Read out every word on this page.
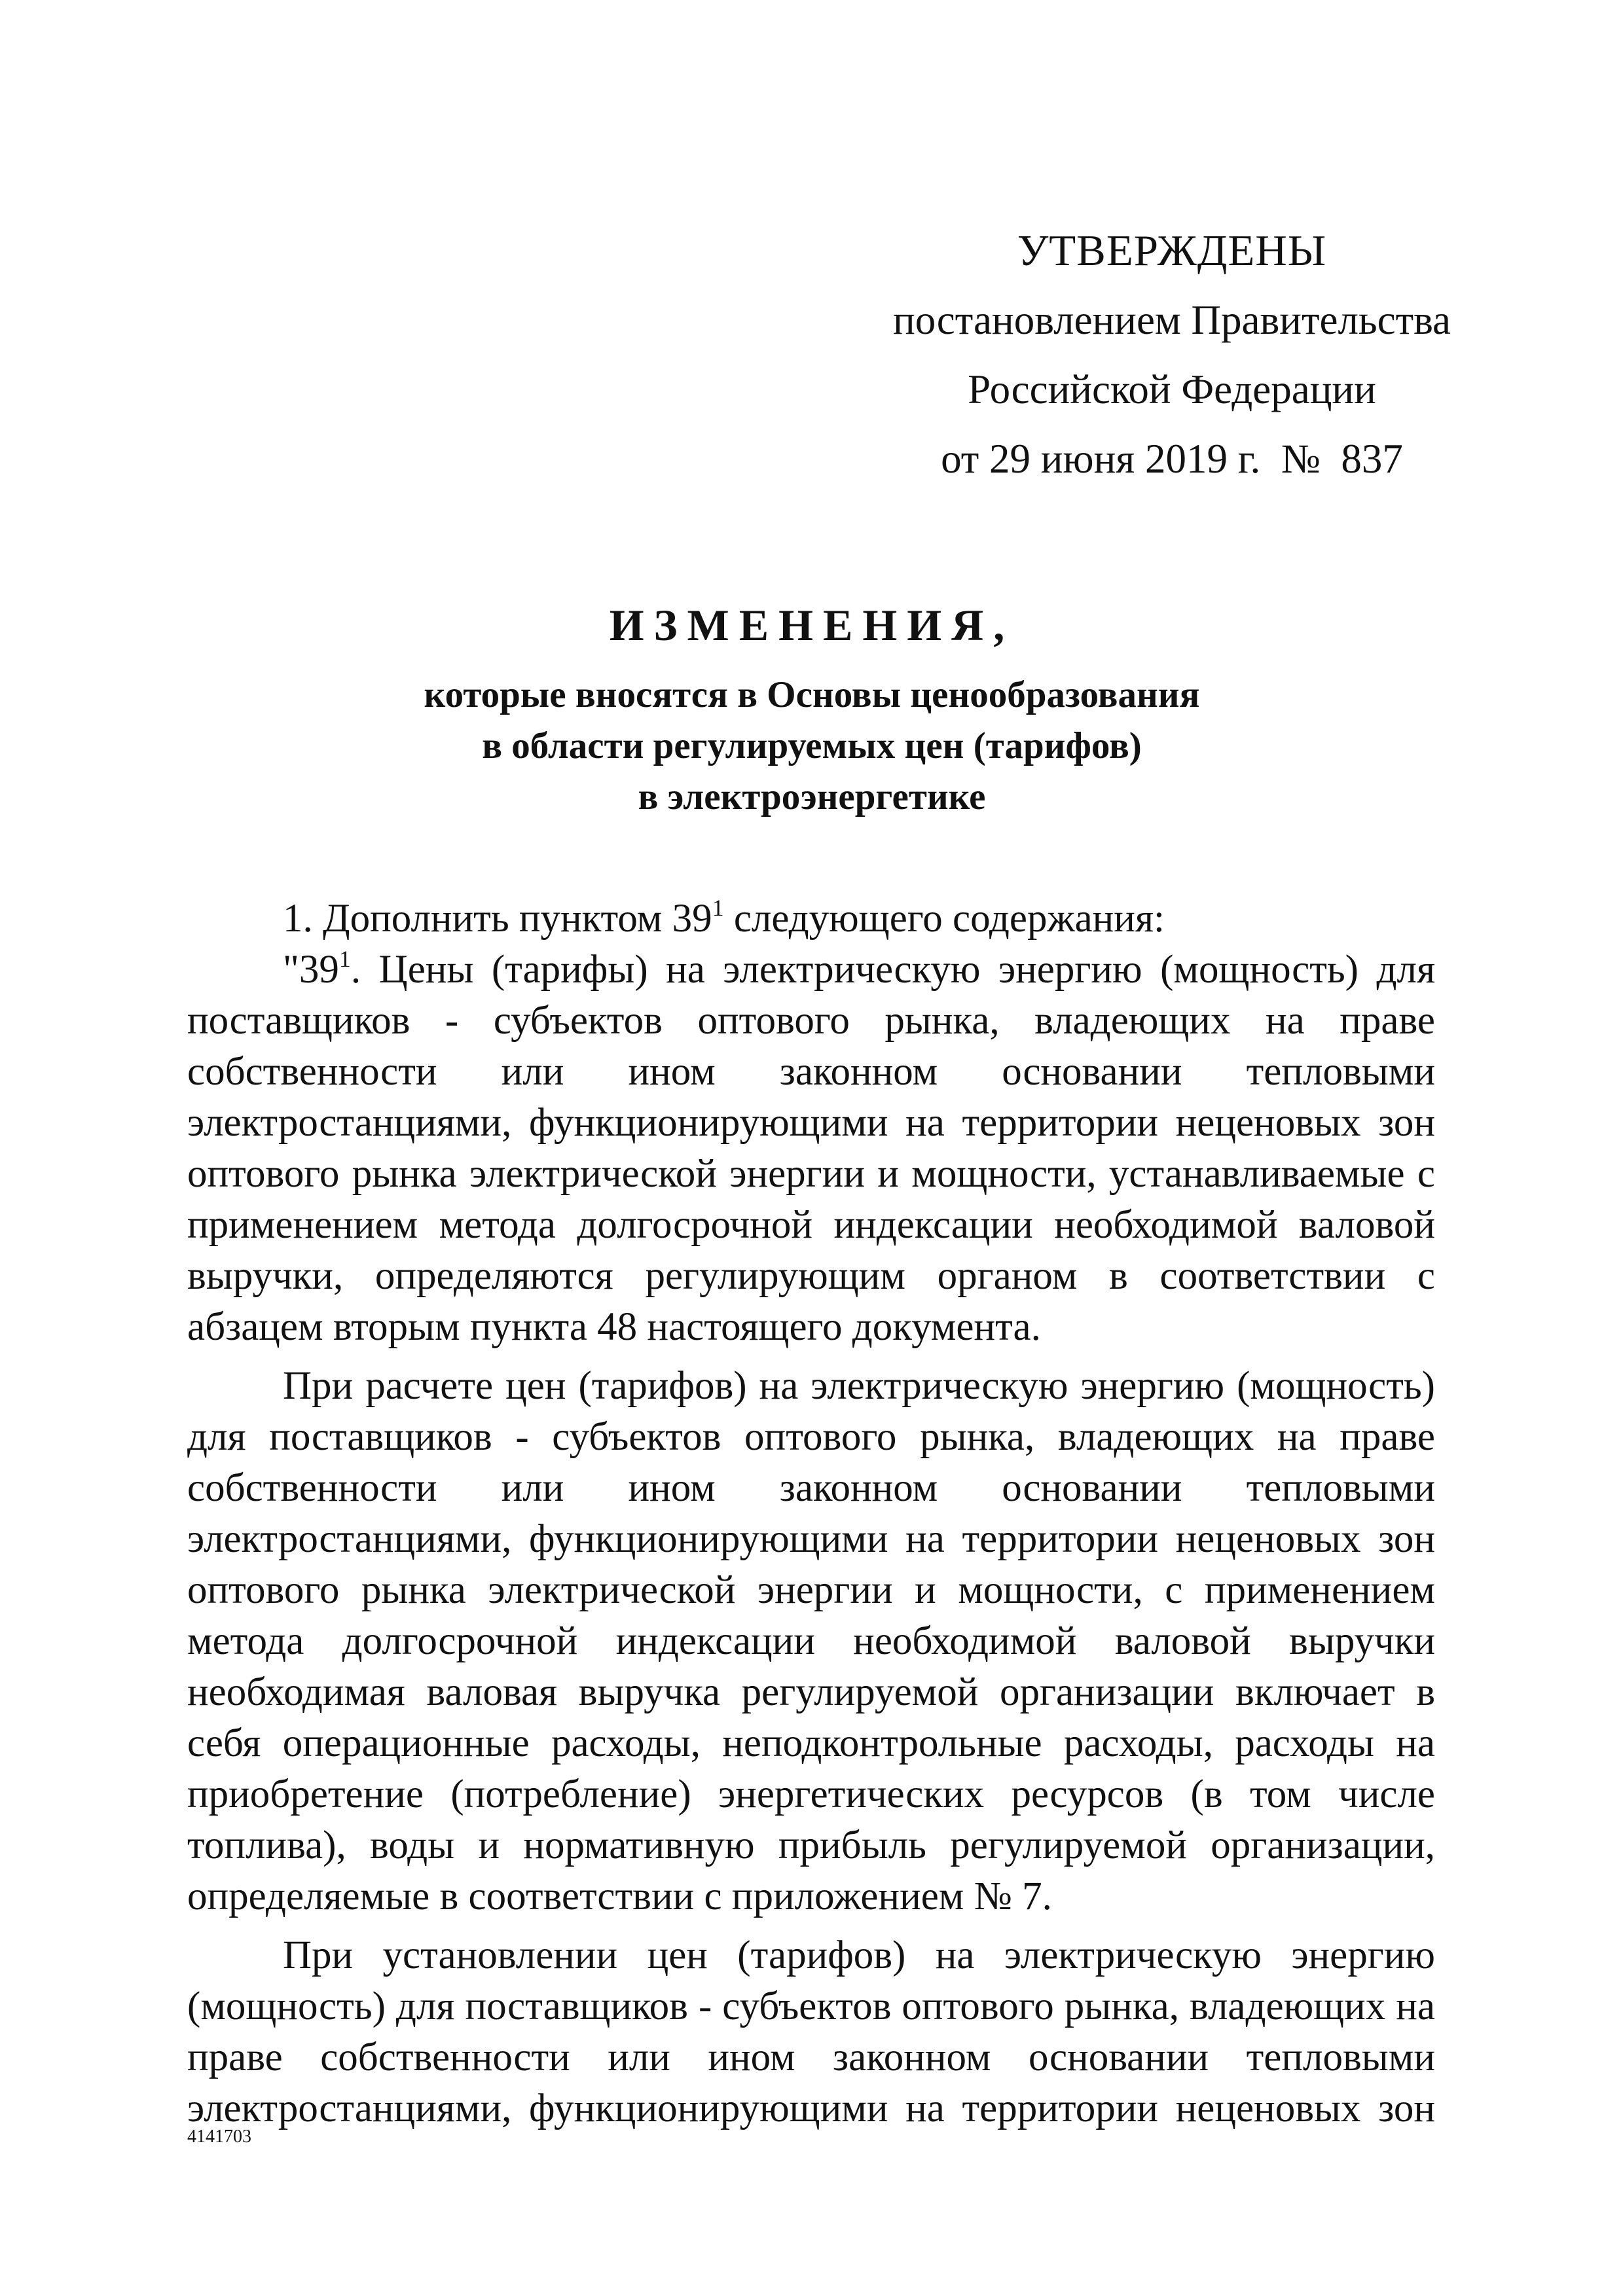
УТВЕРЖДЕНЫ
постановлением Правительства
Российской Федерации
от 29 июня 2019 г.  №  837
ИЗМЕНЕНИЯ,
которые вносятся в Основы ценообразования
в области регулируемых цен (тарифов)
в электроэнергетике

1. Дополнить пунктом $39^1$ следующего содержания:

"$39^1$. Цены (тарифы) на электрическую энергию (мощность) для поставщиков - субъектов оптового рынка, владеющих на праве собственности или ином законном основании тепловыми электростанциями, функционирующими на территории неценовых зон оптового рынка электрической энергии и мощности, устанавливаемые с применением метода долгосрочной индексации необходимой валовой выручки, определяются регулирующим органом в соответствии с абзацем вторым пункта 48 настоящего документа.

При расчете цен (тарифов) на электрическую энергию (мощность) для поставщиков - субъектов оптового рынка, владеющих на праве собственности или ином законном основании тепловыми электростанциями, функционирующими на территории неценовых зон оптового рынка электрической энергии и мощности, с применением метода долгосрочной индексации необходимой валовой выручки необходимая валовая выручка регулируемой организации включает в себя операционные расходы, неподконтрольные расходы, расходы на приобретение (потребление) энергетических ресурсов (в том числе топлива), воды и нормативную прибыль регулируемой организации, определяемые в соответствии с приложением № 7.

При установлении цен (тарифов) на электрическую энергию (мощность) для поставщиков - субъектов оптового рынка, владеющих на праве собственности или ином законном основании тепловыми электростанциями, функционирующими на территории неценовых зон

4141703
